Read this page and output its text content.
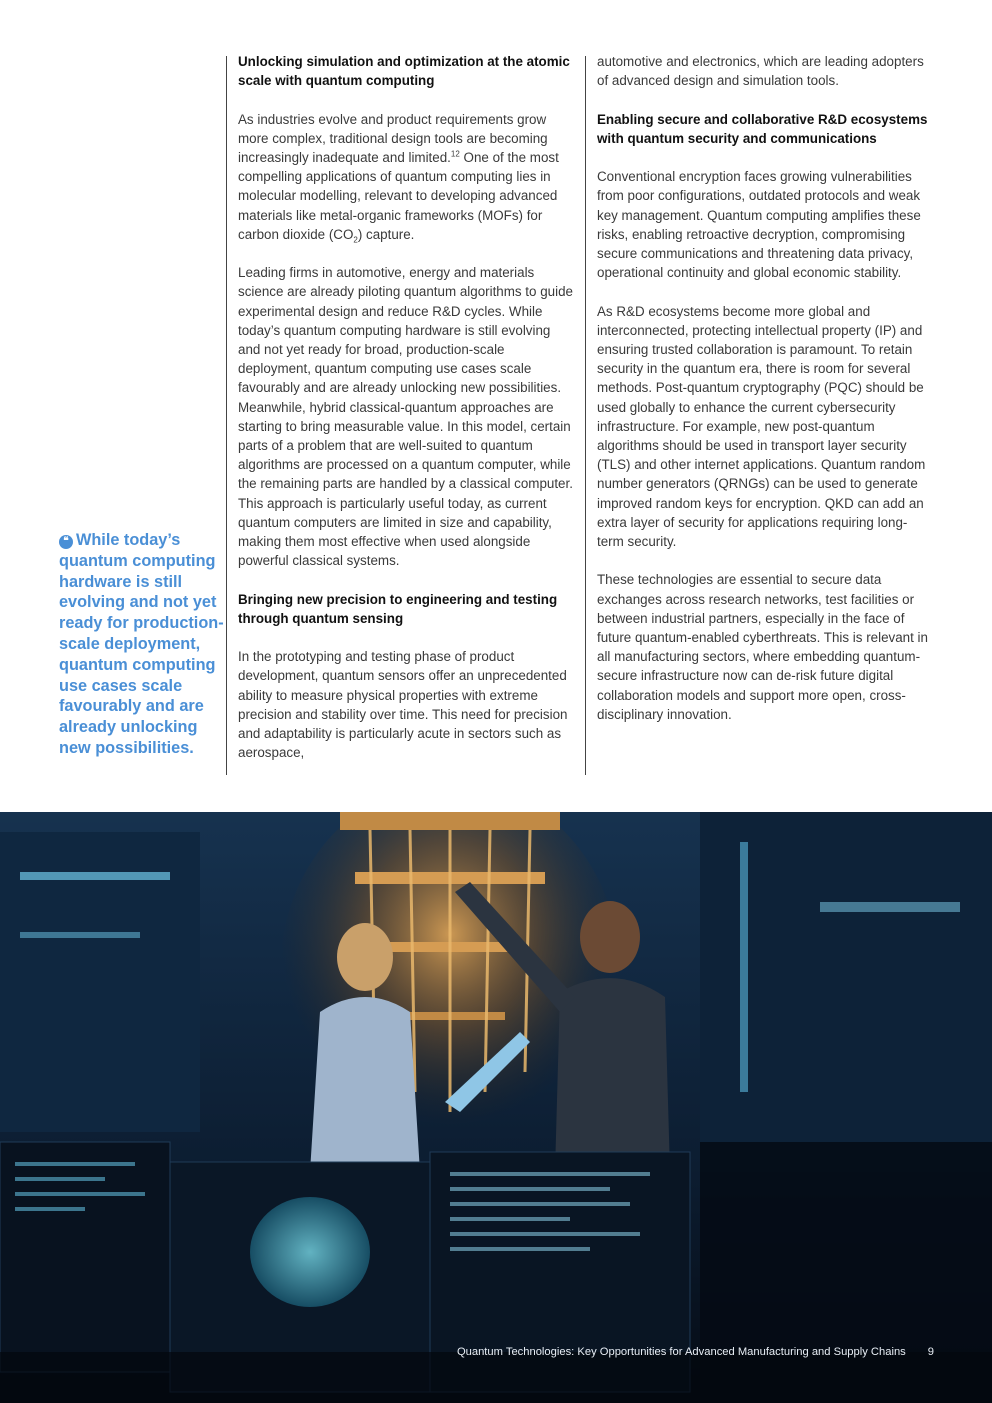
❝ While today’s quantum computing hardware is still evolving and not yet ready for production-scale deployment, quantum computing use cases scale favourably and are already unlocking new possibilities.
Unlocking simulation and optimization at the atomic scale with quantum computing

As industries evolve and product requirements grow more complex, traditional design tools are becoming increasingly inadequate and limited.$^{12}$ One of the most compelling applications of quantum computing lies in molecular modelling, relevant to developing advanced materials like metal-organic frameworks (MOFs) for carbon dioxide $(CO_2)$ capture.

Leading firms in automotive, energy and materials science are already piloting quantum algorithms to guide experimental design and reduce R&D cycles. While today’s quantum computing hardware is still evolving and not yet ready for broad, production-scale deployment, quantum computing use cases scale favourably and are already unlocking new possibilities. Meanwhile, hybrid classical-quantum approaches are starting to bring measurable value. In this model, certain parts of a problem that are well-suited to quantum algorithms are processed on a quantum computer, while the remaining parts are handled by a classical computer. This approach is particularly useful today, as current quantum computers are limited in size and capability, making them most effective when used alongside powerful classical systems.

Bringing new precision to engineering and testing through quantum sensing

In the prototyping and testing phase of product development, quantum sensors offer an unprecedented ability to measure physical properties with extreme precision and stability over time. This need for precision and adaptability is particularly acute in sectors such as aerospace,

automotive and electronics, which are leading adopters of advanced design and simulation tools.

Enabling secure and collaborative R&D ecosystems with quantum security and communications

Conventional encryption faces growing vulnerabilities from poor configurations, outdated protocols and weak key management. Quantum computing amplifies these risks, enabling retroactive decryption, compromising secure communications and threatening data privacy, operational continuity and global economic stability.

As R&D ecosystems become more global and interconnected, protecting intellectual property (IP) and ensuring trusted collaboration is paramount. To retain security in the quantum era, there is room for several methods. Post-quantum cryptography (PQC) should be used globally to enhance the current cybersecurity infrastructure. For example, new post-quantum algorithms should be used in transport layer security (TLS) and other internet applications. Quantum random number generators (QRNGs) can be used to generate improved random keys for encryption. QKD can add an extra layer of security for applications requiring long-term security.

These technologies are essential to secure data exchanges across research networks, test facilities or between industrial partners, especially in the face of future quantum-enabled cyberthreats. This is relevant in all manufacturing sectors, where embedding quantum-secure infrastructure now can de-risk future digital collaboration models and support more open, cross-disciplinary innovation.

Quantum Technologies: Key Opportunities for Advanced Manufacturing and Supply Chains 9
